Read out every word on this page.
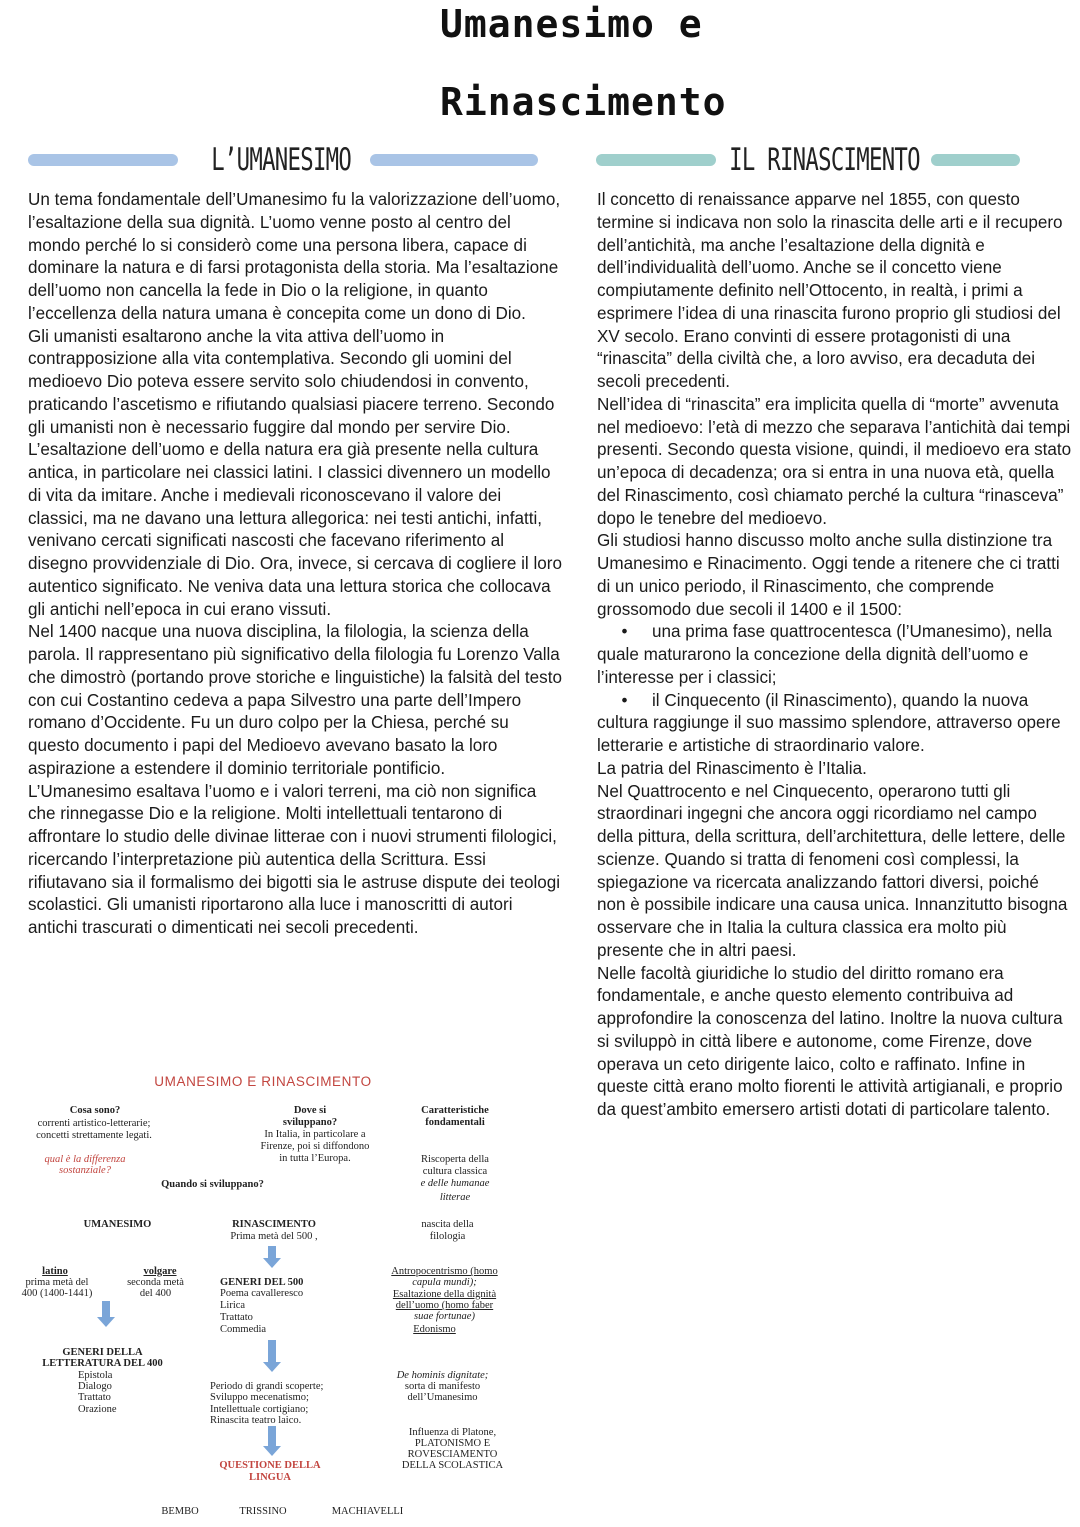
Umanesimo e
Rinascimento
L’UMANESIMO	IL RINASCIMENTO

Un tema fondamentale dell’Umanesimo fu la valorizzazione dell’uomo, l’esaltazione della sua dignità. L’uomo venne posto al centro del mondo perché lo si considerò come una persona libera, capace di dominare la natura e di farsi protagonista della storia. Ma l’esaltazione dell’uomo non cancella la fede in Dio o la religione, in quanto l’eccellenza della natura umana è concepita come un dono di Dio.

Gli umanisti esaltarono anche la vita attiva dell’uomo in contrapposizione alla vita contemplativa. Secondo gli uomini del medioevo Dio poteva essere servito solo chiudendosi in convento, praticando l’ascetismo e rifiutando qualsiasi piacere terreno. Secondo gli umanisti non è necessario fuggire dal mondo per servire Dio.

L’esaltazione dell’uomo e della natura era già presente nella cultura antica, in particolare nei classici latini. I classici divennero un modello di vita da imitare. Anche i medievali riconoscevano il valore dei classici, ma ne davano una lettura allegorica: nei testi antichi, infatti, venivano cercati significati nascosti che facevano riferimento al disegno provvidenziale di Dio. Ora, invece, si cercava di cogliere il loro autentico significato. Ne veniva data una lettura storica che collocava gli antichi nell’epoca in cui erano vissuti.

Nel 1400 nacque una nuova disciplina, la filologia, la scienza della parola. Il rappresentano più significativo della filologia fu Lorenzo Valla che dimostrò (portando prove storiche e linguistiche) la falsità del testo con cui Costantino cedeva a papa Silvestro una parte dell’Impero romano d’Occidente. Fu un duro colpo per la Chiesa, perché su questo documento i papi del Medioevo avevano basato la loro aspirazione a estendere il dominio territoriale pontificio.

L’Umanesimo esaltava l’uomo e i valori terreni, ma ciò non significa che rinnegasse Dio e la religione. Molti intellettuali tentarono di affrontare lo studio delle divinae litterae con i nuovi strumenti filologici, ricercando l’interpretazione più autentica della Scrittura. Essi rifiutavano sia il formalismo dei bigotti sia le astruse dispute dei teologi scolastici. Gli umanisti riportarono alla luce i manoscritti di autori antichi trascurati o dimenticati nei secoli precedenti.

Il concetto di renaissance apparve nel 1855, con questo termine si indicava non solo la rinascita delle arti e il recupero dell’antichità, ma anche l’esaltazione della dignità e dell’individualità dell’uomo. Anche se il concetto viene compiutamente definito nell’Ottocento, in realtà, i primi a esprimere l’idea di una rinascita furono proprio gli studiosi del XV secolo. Erano convinti di essere protagonisti di una “rinascita” della civiltà che, a loro avviso, era decaduta dei secoli precedenti.

Nell’idea di “rinascita” era implicita quella di “morte” avvenuta nel medioevo: l’età di mezzo che separava l’antichità dai tempi presenti. Secondo questa visione, quindi, il medioevo era stato un’epoca di decadenza; ora si entra in una nuova età, quella del Rinascimento, così chiamato perché la cultura “rinasceva” dopo le tenebre del medioevo.

Gli studiosi hanno discusso molto anche sulla distinzione tra Umanesimo e Rinacimento. Oggi tende a ritenere che ci tratti di un unico periodo, il Rinascimento, che comprende grossomodo due secoli il 1400 e il 1500:

• una prima fase quattrocentesca (l’Umanesimo), nella quale maturarono la concezione della dignità dell’uomo e l’interesse per i classici;

• il Cinquecento (il Rinascimento), quando la nuova cultura raggiunge il suo massimo splendore, attraverso opere letterarie e artistiche di straordinario valore.

La patria del Rinascimento è l’Italia.

Nel Quattrocento e nel Cinquecento, operarono tutti gli straordinari ingegni che ancora oggi ricordiamo nel campo della pittura, della scrittura, dell’architettura, delle lettere, delle scienze. Quando si tratta di fenomeni così complessi, la spiegazione va ricercata analizzando fattori diversi, poiché non è possibile indicare una causa unica. Innanzitutto bisogna osservare che in Italia la cultura classica era molto più presente che in altri paesi.

Nelle facoltà giuridiche lo studio del diritto romano era fondamentale, e anche questo elemento contribuiva ad approfondire la conoscenza del latino. Inoltre la nuova cultura si sviluppò in città libere e autonome, come Firenze, dove operava un ceto dirigente laico, colto e raffinato. Infine in queste città erano molto fiorenti le attività artigianali, e proprio da quest’ambito emersero artisti dotati di particolare talento.

UMANESIMO E RINASCIMENTO
Cosa sono?
correnti artistico-letterarie;
concetti strettamente legati.
qual è la differenza
sostanziale?
Dove si
sviluppano?
In Italia, in particolare a
Firenze, poi si diffondono
in tutta l’Europa.
Caratteristiche
fondamentali
Quando si sviluppano?
Riscoperta della
cultura classica
e delle humanae
litterae
UMANESIMO	RINASCIMENTO
Prima metà del 500 ,
nascita della
filologia
latino
prima metà del
400 (1400-1441)
volgare
seconda metà
del 400
GENERI DEL 500
Poema cavalleresco
Lirica
Trattato
Commedia
Antropocentrismo (homo
capula mundi);
Esaltazione della dignità
dell’uomo (homo faber
suae fortunae)
Edonismo
GENERI DELLA
LETTERATURA DEL 400
Epistola
Dialogo
Trattato
Orazione
Periodo di grandi scoperte;
Sviluppo mecenatismo;
Intellettuale cortigiano;
Rinascita teatro laico.
De hominis dignitate;
sorta di manifesto
dell’Umanesimo
Influenza di Platone,
PLATONISMO E
ROVESCIAMENTO
DELLA SCOLASTICA
QUESTIONE DELLA
LINGUA
BEMBO	TRISSINO	MACHIAVELLI
